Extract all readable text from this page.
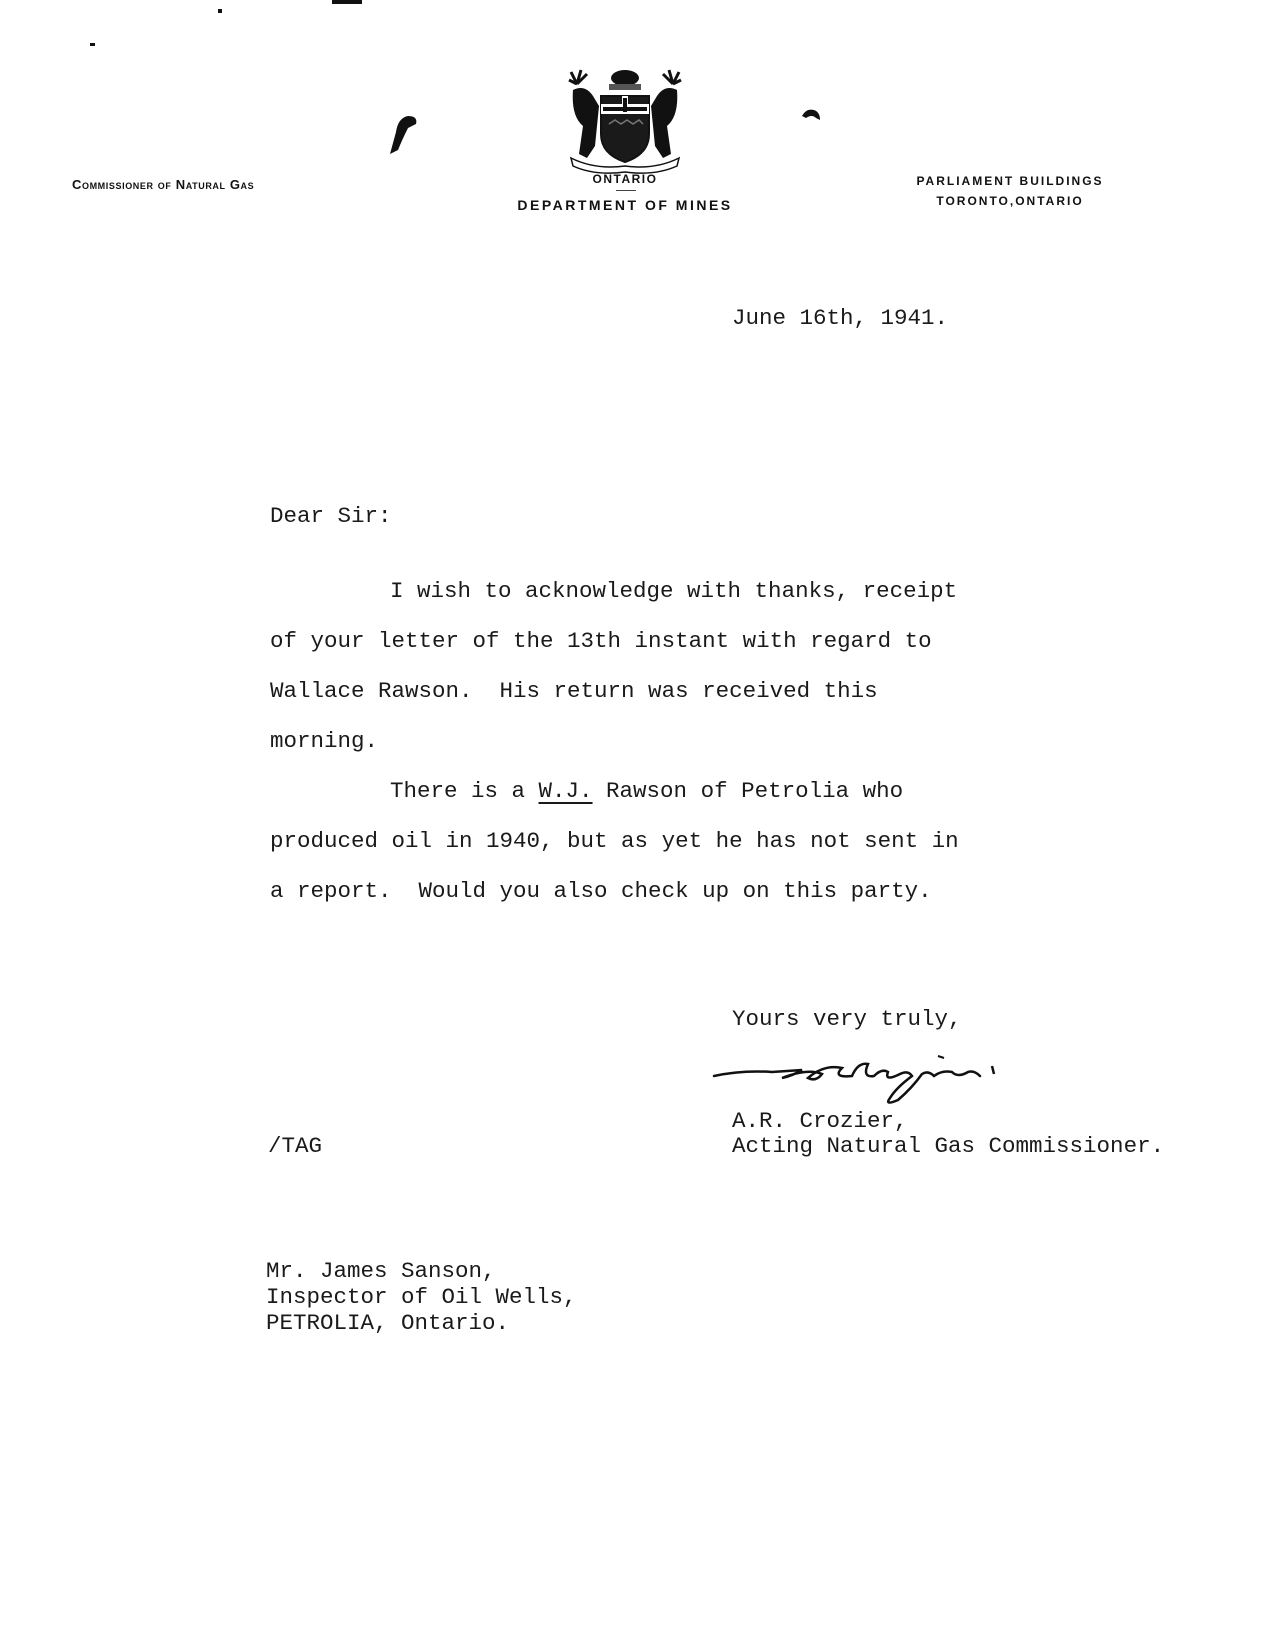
Commissioner of Natural Gas	ONTARIO
DEPARTMENT OF MINES
PARLIAMENT BUILDINGS
TORONTO,ONTARIO
June 16th, 1941.
Dear Sir:
I wish to acknowledge with thanks, receipt
of your letter of the 13th instant with regard to
Wallace Rawson.  His return was received this
morning.
There is a W.J. Rawson of Petrolia who
produced oil in 1940, but as yet he has not sent in
a report.  Would you also check up on this party.
Yours very truly,
A.R. Crozier,
Acting Natural Gas Commissioner.
/TAG
Mr. James Sanson,
Inspector of Oil Wells,
PETROLIA, Ontario.
